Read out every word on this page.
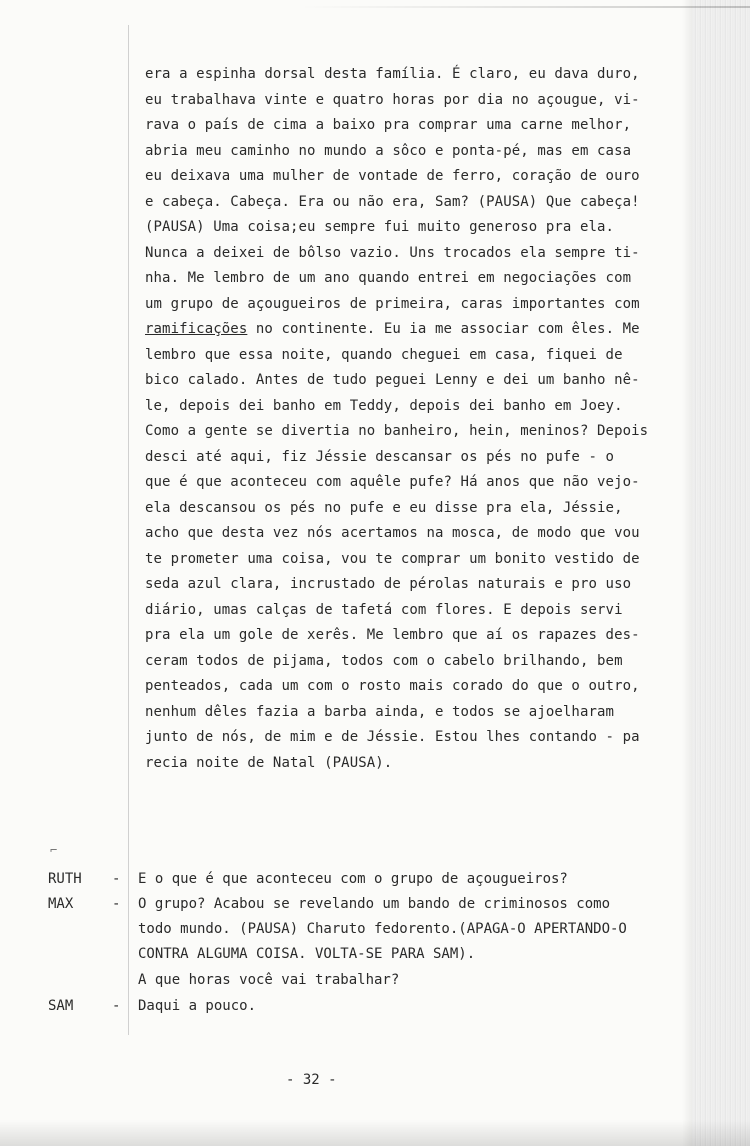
⌐
era a espinha dorsal desta família. É claro, eu dava duro,
eu trabalhava vinte e quatro horas por dia no açougue, vi-
rava o país de cima a baixo pra comprar uma carne melhor,
abria meu caminho no mundo a sôco e ponta-pé, mas em casa
eu deixava uma mulher de vontade de ferro, coração de ouro
e cabeça. Cabeça. Era ou não era, Sam? (PAUSA) Que cabeça!
(PAUSA) Uma coisa;eu sempre fui muito generoso pra ela.
Nunca a deixei de bôlso vazio. Uns trocados ela sempre ti-
nha. Me lembro de um ano quando entrei em negociações com
um grupo de açougueiros de primeira, caras importantes com
ramificações no continente. Eu ia me associar com êles. Me
lembro que essa noite, quando cheguei em casa, fiquei de
bico calado. Antes de tudo peguei Lenny e dei um banho nê-
le, depois dei banho em Teddy, depois dei banho em Joey.
Como a gente se divertia no banheiro, hein, meninos? Depois
desci até aqui, fiz Jéssie descansar os pés no pufe - o
que é que aconteceu com aquêle pufe? Há anos que não vejo-
ela descansou os pés no pufe e eu disse pra ela, Jéssie,
acho que desta vez nós acertamos na mosca, de modo que vou
te prometer uma coisa, vou te comprar um bonito vestido de
seda azul clara, incrustado de pérolas naturais e pro uso
diário, umas calças de tafetá com flores. E depois servi
pra ela um gole de xerês. Me lembro que aí os rapazes des-
ceram todos de pijama, todos com o cabelo brilhando, bem
penteados, cada um com o rosto mais corado do que o outro,
nenhum dêles fazia a barba ainda, e todos se ajoelharam
junto de nós, de mim e de Jéssie. Estou lhes contando - pa
recia noite de Natal (PAUSA).
RUTH - E o que é que aconteceu com o grupo de açougueiros?
MAX	- O grupo? Acabou se revelando um bando de criminosos como
todo mundo. (PAUSA) Charuto fedorento.(APAGA-O APERTANDO-O
CONTRA ALGUMA COISA. VOLTA-SE PARA SAM).
A que horas você vai trabalhar?
SAM	- Daqui a pouco.
- 32 -
